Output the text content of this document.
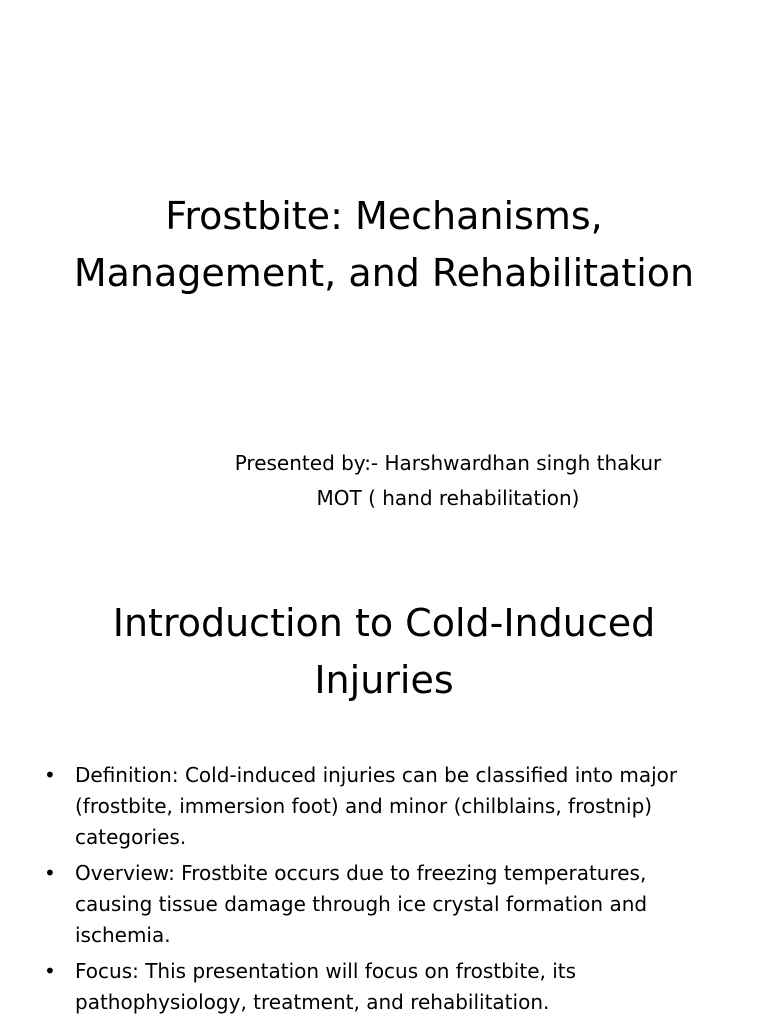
Frostbite: Mechanisms,
Management, and Rehabilitation
Presented by:- Harshwardhan singh thakur
MOT ( hand rehabilitation)
Introduction to Cold-Induced
Injuries
• Definition: Cold-induced injuries can be classified into major
(frostbite, immersion foot) and minor (chilblains, frostnip)
categories.
• Overview: Frostbite occurs due to freezing temperatures,
causing tissue damage through ice crystal formation and
ischemia.
• Focus: This presentation will focus on frostbite, its
pathophysiology, treatment, and rehabilitation.
